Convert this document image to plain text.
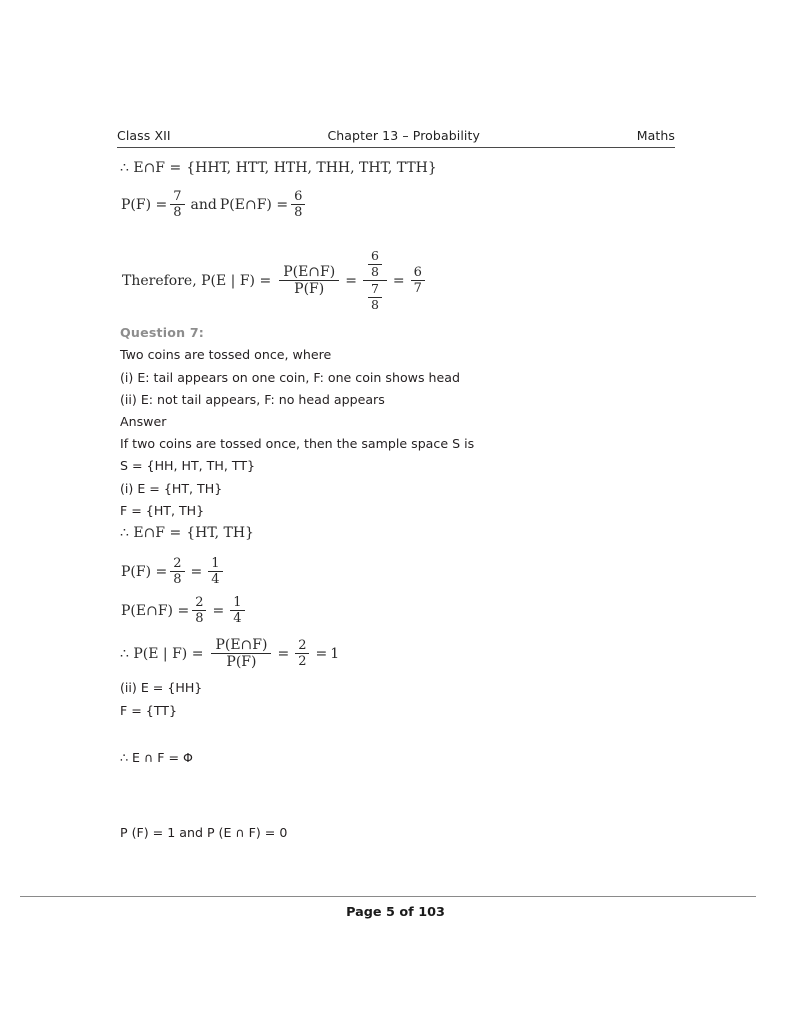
Class XII	Chapter 13 – Probability	Maths
∴ E∩F = {HHT, HTT, HTH, THH, THT, TTH}
$P(F) = \frac{7}{8}$ and P(E∩F) = $\frac{6}{8}$
Therefore, P(E | $F) = \frac{P(E\cap F)}{P(F)} = \frac{\frac{6}{8}}{\frac{7}{8}} = \frac{6}{7}$
Question 7:
Two coins are tossed once, where
(i) E: tail appears on one coin, F: one coin shows head
(ii) E: not tail appears, F: no head appears
Answer
If two coins are tossed once, then the sample space S is
S = {HH, HT, TH, TT}
(i) E = {HT, TH}
F = {HT, TH}
∴ E∩F = {HT, TH}
$P(F) = \frac{2}{8} = \frac{1}{4}$
P(E∩F) = $\frac{2}{8} = \frac{1}{4}$
∴ P(E | $F) = \frac{P(E\cap F)}{P(F)} = \frac{2}{2} = 1$
(ii) E = {HH}
F = {TT}
∴ E ∩ F = Φ
P (F) = 1 and P (E ∩ F) = 0
Page 5 of 103
